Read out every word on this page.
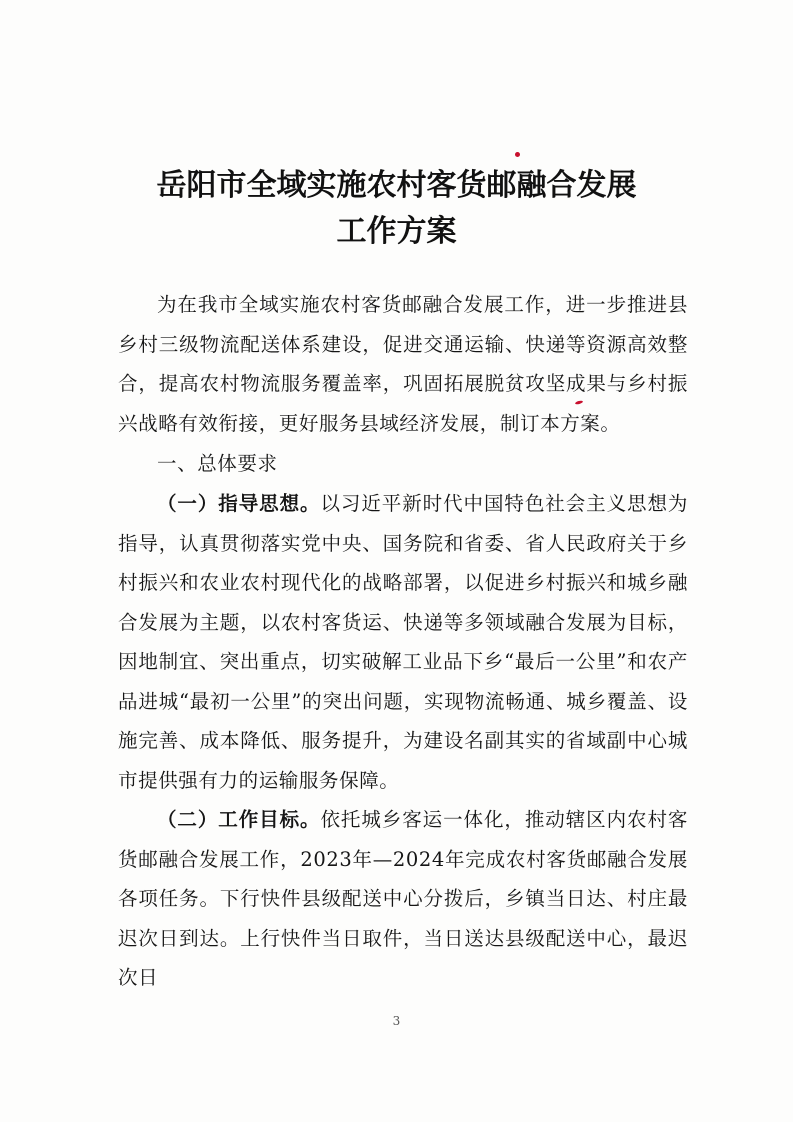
岳阳市全域实施农村客货邮融合发展
工作方案
为在我市全域实施农村客货邮融合发展工作，进一步推进县乡村三级物流配送体系建设，促进交通运输、快递等资源高效整合，提高农村物流服务覆盖率，巩固拓展脱贫攻坚成果与乡村振兴战略有效衔接，更好服务县域经济发展，制订本方案。
一、总体要求
（一）指导思想。以习近平新时代中国特色社会主义思想为指导，认真贯彻落实党中央、国务院和省委、省人民政府关于乡村振兴和农业农村现代化的战略部署，以促进乡村振兴和城乡融合发展为主题，以农村客货运、快递等多领域融合发展为目标，因地制宜、突出重点，切实破解工业品下乡“最后一公里”和农产品进城“最初一公里”的突出问题，实现物流畅通、城乡覆盖、设施完善、成本降低、服务提升，为建设名副其实的省域副中心城市提供强有力的运输服务保障。
（二）工作目标。依托城乡客运一体化，推动辖区内农村客货邮融合发展工作，2023年—2024年完成农村客货邮融合发展各项任务。下行快件县级配送中心分拨后，乡镇当日达、村庄最迟次日到达。上行快件当日取件，当日送达县级配送中心，最迟次日
3
